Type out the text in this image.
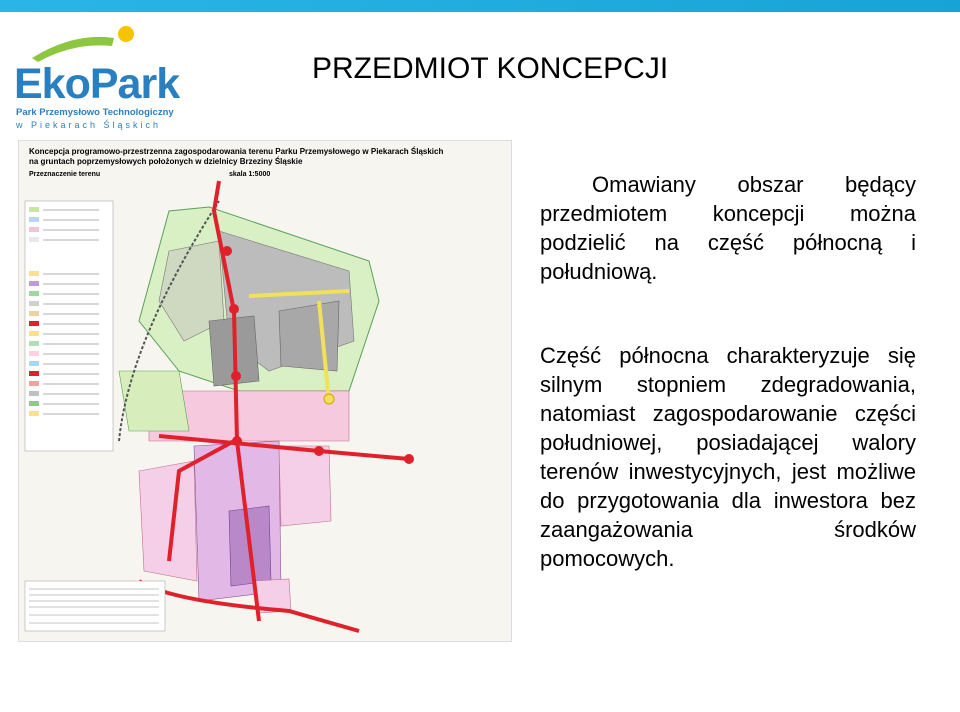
EkoPark
Park Przemysłowo Technologiczny
w Piekarach Śląskich
PRZEDMIOT KONCEPCJI
Koncepcja programowo-przestrzenna zagospodarowania terenu Parku Przemysłowego w Piekarach Śląskich
na gruntach poprzemysłowych położonych w dzielnicy Brzeziny Śląskie
Przeznaczenie terenu	skala 1:5000	Omawiany obszar będący przedmiotem koncepcji można podzielić na część północną i południową.
Część północna charakteryzuje się silnym stopniem zdegradowania, natomiast zagospodarowanie części południowej, posiadającej walory terenów inwestycyjnych, jest możliwe do przygotowania dla inwestora bez zaangażowania środków pomocowych.
